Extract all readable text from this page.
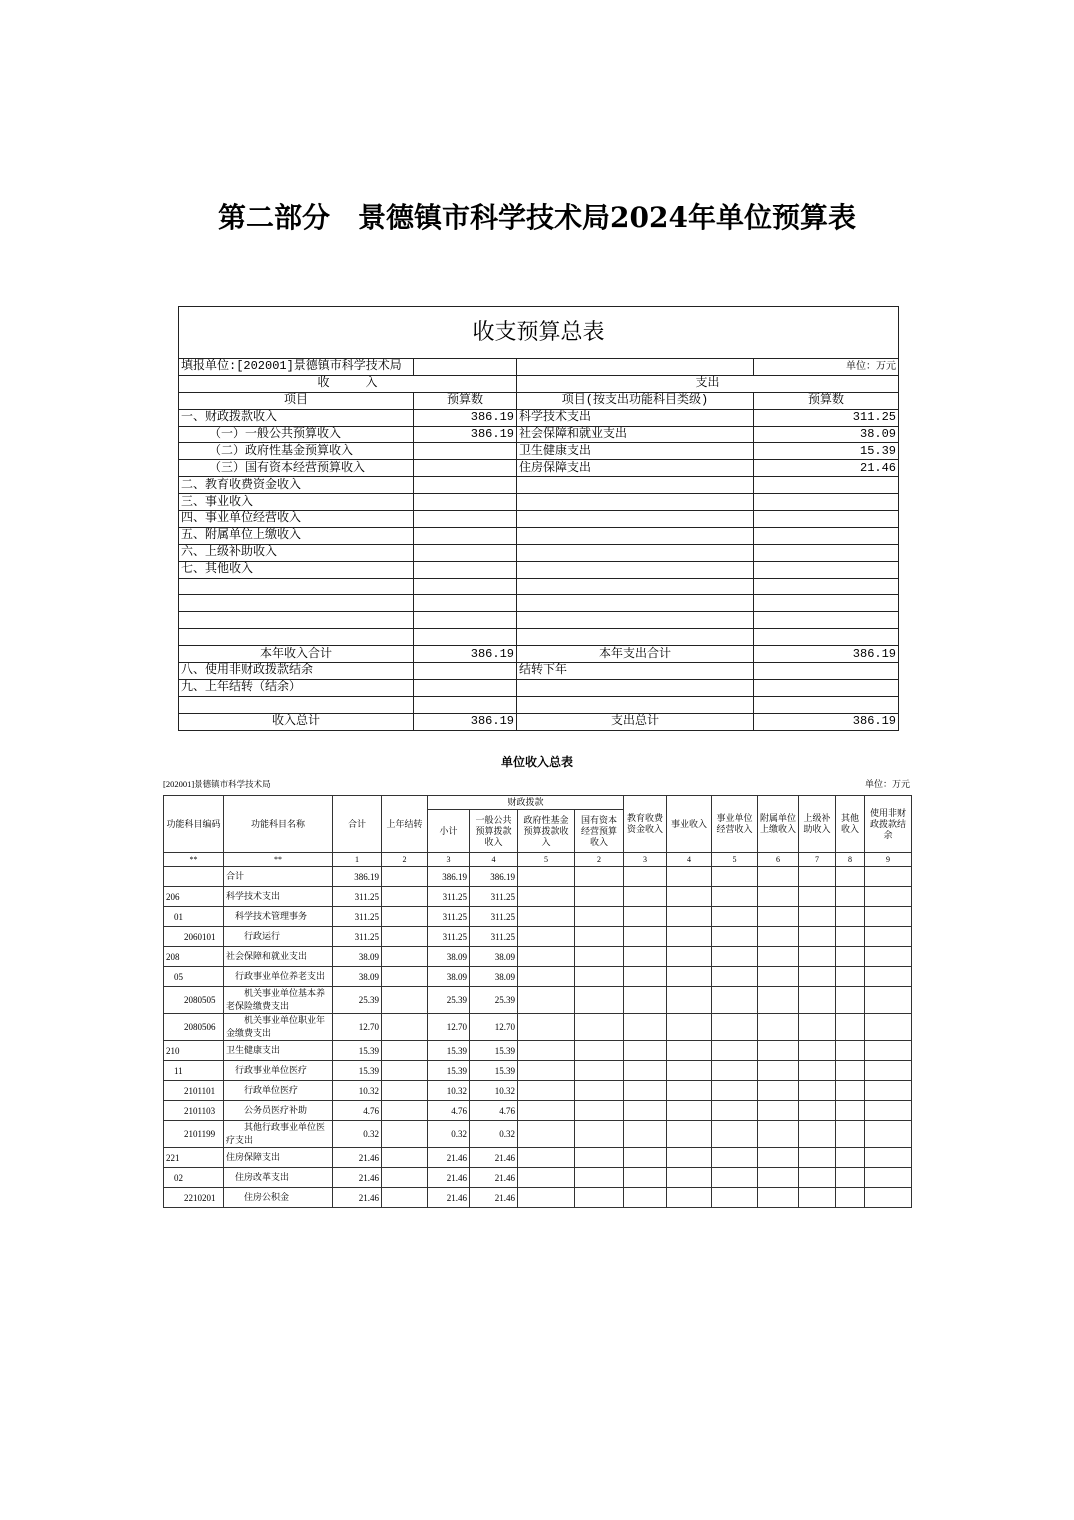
第二部分　景德镇市科学技术局2024年单位预算表
收支预算总表			
填报单位:[202001]景德镇市科学技术局			单位：万元
收　　　入		支出	
项目	预算数	项目(按支出功能科目类级)	预算数
一、财政拨款收入	386.19	科学技术支出	311.25
（一）一般公共预算收入	386.19	社会保障和就业支出	38.09
（二）政府性基金预算收入		卫生健康支出	15.39
（三）国有资本经营预算收入		住房保障支出	21.46
二、教育收费资金收入			
三、事业收入			
四、事业单位经营收入			
五、附属单位上缴收入			
六、上级补助收入			
七、其他收入			

本年收入合计	386.19	本年支出合计	386.19
八、使用非财政拨款结余		结转下年	
九、上年结转（结余）			

收入总计	386.19	支出总计	386.19
单位收入总表
[202001]景德镇市科学技术局	单位：万元
功能科目编码	功能科目名称	合计	上年结转	财政拨款				教育收费资金收入	事业收入	事业单位经营收入	附属单位上缴收入	上级补助收入	其他收入	使用非财政拨款结余
				小计	一般公共预算拨款收入	政府性基金预算拨款收入	国有资本经营预算收入							
**	**	1	2	3	4	5	2	3	4	5	6	7	8	9
	合计	386.19		386.19	386.19									
206	科学技术支出	311.25		311.25	311.25									
01	科学技术管理事务	311.25		311.25	311.25									
2060101	行政运行	311.25		311.25	311.25									
208	社会保障和就业支出	38.09		38.09	38.09									
05	行政事业单位养老支出	38.09		38.09	38.09									
2080505	机关事业单位基本养老保险缴费支出	25.39		25.39	25.39									
2080506	机关事业单位职业年金缴费支出	12.70		12.70	12.70									
210	卫生健康支出	15.39		15.39	15.39									
11	行政事业单位医疗	15.39		15.39	15.39									
2101101	行政单位医疗	10.32		10.32	10.32									
2101103	公务员医疗补助	4.76		4.76	4.76									
2101199	其他行政事业单位医疗支出	0.32		0.32	0.32									
221	住房保障支出	21.46		21.46	21.46									
02	住房改革支出	21.46		21.46	21.46									
2210201	住房公积金	21.46		21.46	21.46									
